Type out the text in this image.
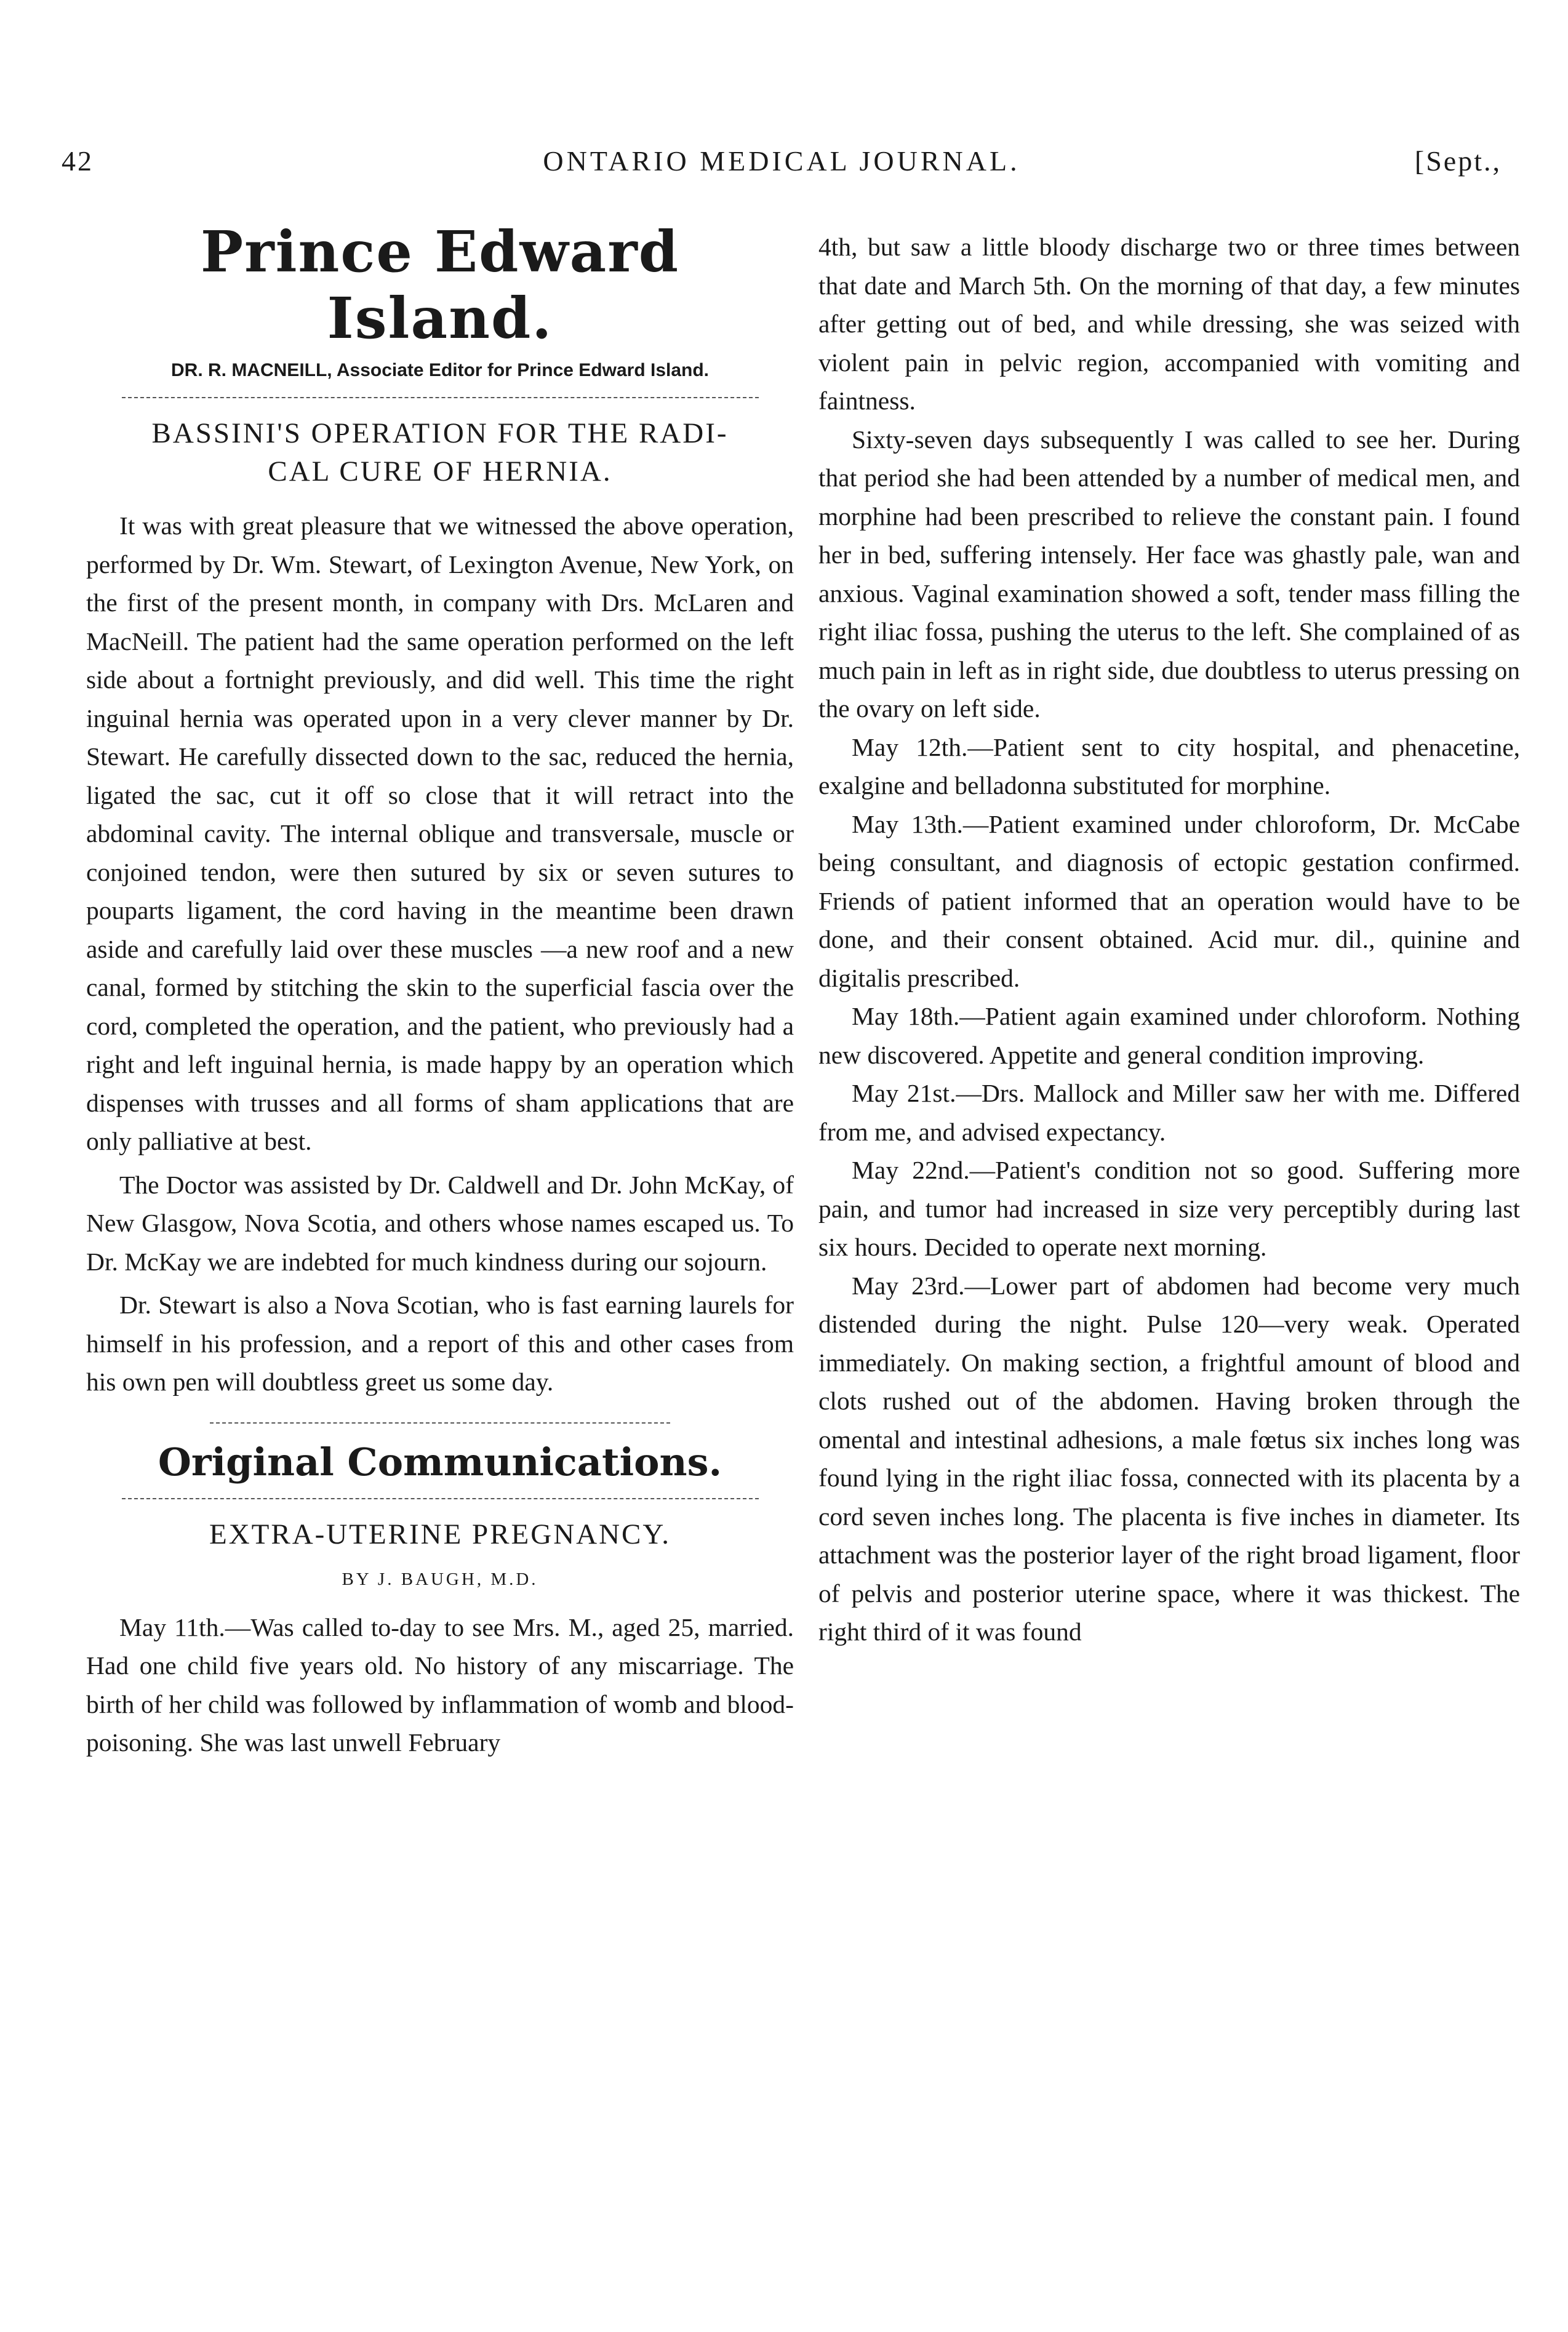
42	ONTARIO MEDICAL JOURNAL.	[Sept.,
Prince Edward Island.
DR. R. MACNEILL, Associate Editor for Prince Edward Island.
BASSINI'S OPERATION FOR THE RADI-
CAL CURE OF HERNIA.

It was with great pleasure that we witnessed the above operation, performed by Dr. Wm. Stewart, of Lexington Avenue, New York, on the first of the present month, in company with Drs. McLaren and MacNeill. The patient had the same operation performed on the left side about a fortnight previously, and did well. This time the right inguinal hernia was operated upon in a very clever manner by Dr. Stewart. He carefully dissected down to the sac, reduced the hernia, ligated the sac, cut it off so close that it will retract into the abdominal cavity. The internal oblique and transversale, muscle or conjoined tendon, were then sutured by six or seven sutures to pouparts ligament, the cord having in the meantime been drawn aside and carefully laid over these muscles —a new roof and a new canal, formed by stitching the skin to the superficial fascia over the cord, completed the operation, and the patient, who previously had a right and left inguinal hernia, is made happy by an operation which dispenses with trusses and all forms of sham applications that are only palliative at best.

The Doctor was assisted by Dr. Caldwell and Dr. John McKay, of New Glasgow, Nova Scotia, and others whose names escaped us. To Dr. McKay we are indebted for much kindness during our sojourn.

Dr. Stewart is also a Nova Scotian, who is fast earning laurels for himself in his profession, and a report of this and other cases from his own pen will doubtless greet us some day.

Original Communications.
EXTRA-UTERINE PREGNANCY.
BY J. BAUGH, M.D.

May 11th.—Was called to-day to see Mrs. M., aged 25, married. Had one child five years old. No history of any miscarriage. The birth of her child was followed by inflammation of womb and blood-poisoning. She was last unwell February

4th, but saw a little bloody discharge two or three times between that date and March 5th. On the morning of that day, a few minutes after getting out of bed, and while dressing, she was seized with violent pain in pelvic region, accompanied with vomiting and faintness.

Sixty-seven days subsequently I was called to see her. During that period she had been attended by a number of medical men, and morphine had been prescribed to relieve the constant pain. I found her in bed, suffering intensely. Her face was ghastly pale, wan and anxious. Vaginal examination showed a soft, tender mass filling the right iliac fossa, pushing the uterus to the left. She complained of as much pain in left as in right side, due doubtless to uterus pressing on the ovary on left side.

May 12th.—Patient sent to city hospital, and phenacetine, exalgine and belladonna substituted for morphine.

May 13th.—Patient examined under chloroform, Dr. McCabe being consultant, and diagnosis of ectopic gestation confirmed. Friends of patient informed that an operation would have to be done, and their consent obtained. Acid mur. dil., quinine and digitalis prescribed.

May 18th.—Patient again examined under chloroform. Nothing new discovered. Appetite and general condition improving.

May 21st.—Drs. Mallock and Miller saw her with me. Differed from me, and advised expectancy.

May 22nd.—Patient's condition not so good. Suffering more pain, and tumor had increased in size very perceptibly during last six hours. Decided to operate next morning.

May 23rd.—Lower part of abdomen had become very much distended during the night. Pulse 120—very weak. Operated immediately. On making section, a frightful amount of blood and clots rushed out of the abdomen. Having broken through the omental and intestinal adhesions, a male fœtus six inches long was found lying in the right iliac fossa, connected with its placenta by a cord seven inches long. The placenta is five inches in diameter. Its attachment was the posterior layer of the right broad ligament, floor of pelvis and posterior uterine space, where it was thickest. The right third of it was found
